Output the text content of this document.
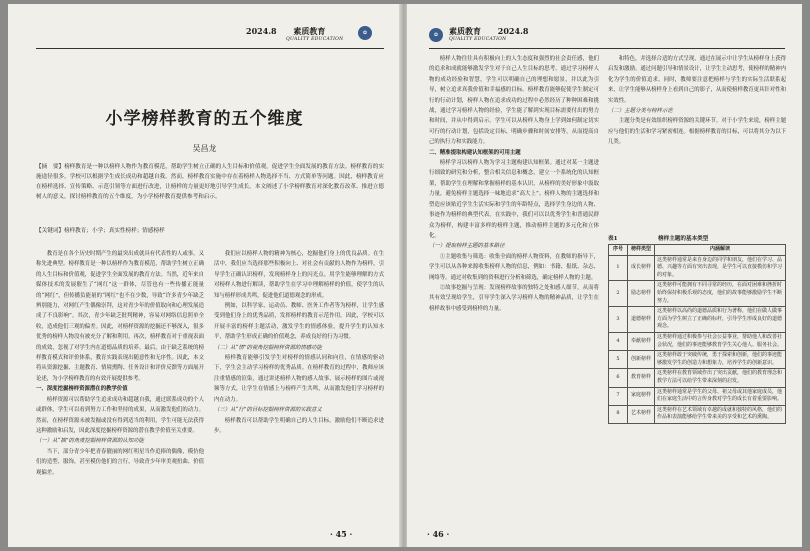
2024.8 素质教育
QUALITY EDUCATION
✿
小学榜样教育的五个维度
吴昌龙
【摘　要】榜样教育是一种以榜样人物作为教育模范，帮助学生树立正确的人生目标和价值观，促进学生全面发展的教育方法。榜样教育的实施途径很多，学校可以根据学生成长成功和超越自我。然而，榜样教育实施中存在着榜样人物选择不当、方式简单等问题。因此，榜样教育应在榜样选择、宣传策略、示范引领等方面进行改进，让榜样的力量更好地引导学生成长。本文阐述了小学榜样教育对深化教育改革、推进立德树人的意义，探讨榜样教育的五个维度，为小学榜样教育提供参考和启示。
【关键词】榜样教育；小学；真实性榜样；情感榜样

教育是在各个历史时期产生的最突出成就具有代表性的人或事，又称先进典型。榜样教育是一种以榜样作为教育模范，帮助学生树立正确的人生目标和价值观，促进学生全面发展的教育方法。当然，近年来自媒体技术的发展催生了“网红”这一群体，尽管也有一些传播正能量的“网红”，但传播负能量的“网红”也不在少数，导致“许多青少年缺乏辨别能力，对网红产生偶像崇拜，这对青少年的价值取向和心理发展造成了不良影响”。其次，青少年缺乏批判精神，容易对网络信息照单全收，造成他们三观的偏差。因此，对榜样资源的挖掘还不够深入，很多优秀的榜样人物没有被充分了解和利用。再次，榜样教育对于重视表面的成效，忽视了对学生内在道德品质的培养。最后，由于缺乏系统的榜样教育模式和评价体系，教育实践表现出随意性和无序性。因此，本文将从资源挖掘、主题教育、情境熏陶、任务设计和评价反馈等方面展开论述，为小学榜样教育的有效开展提供参考。

一、深度挖掘榜样资源潜在的教学价值

榜样资源可以帮助学生追求成功和超越自我，通过联系成功的个人或群体，学生可以看到努力工作和坚持的成果，从而激发他们的动力。然而，在榜样资源未被发掘或没有得到适当的利用，学生可能无法获得这种激励和启发，因此深度挖掘榜样资源的潜在教学价值至关重要。

（一）从“抽”的角度挖掘榜样资源的认知功能

当下，部分青少年把青春靓丽的网红明星当作追捧的偶像，模仿他们的造型、服饰，甚至模仿他们的言行，导致青少年审美观扭曲、价值观偏差。

我们应以榜样人物的精神为核心，挖掘他们身上的优良品质。在生活中，我们应当选择那些积极向上、对社会有贡献的人物作为榜样，引导学生正确认识榜样，发现榜样身上的闪光点。用学生能够理解的方式对榜样人物进行解读，帮助学生在学习中理解榜样的价值，使学生的认知与榜样形成共鸣，促进他们道德观念的形成。

例如，以科学家、运动员、教师、医务工作者等为榜样，让学生感受到他们身上的优秀品质，发挥榜样的教育示范作用。因此，学校可以开展丰富的榜样主题活动，激发学生的情感体验，提升学生的认知水平，帮助学生形成正确的价值观念，养成良好的行为习惯。

（二）从“情”的视角挖掘榜样资源的情感功能

榜样教育能够引发学生对榜样的情感认同和向往，在情感的驱动下，学生会主动学习榜样的优秀品质。在榜样教育的过程中，教师应该注重情感的渲染，通过讲述榜样人物的感人故事、展示榜样的图片或视频等方式，让学生在情感上与榜样产生共鸣，从而激发他们学习榜样的内在动力。

（三）从“行”的目标挖掘榜样资源的实践意义

榜样教育可以帮助学生明确自己的人生目标，激励他们不断追求进步。

· 45 ·
✿	素质教育 2024.8
QUALITY EDUCATION

榜样人物往往具有积极向上的人生态度和强烈的社会责任感，他们的追求和成就能够激发学生对于自己人生目标的思考。通过学习榜样人物的成功经验和智慧，学生可以明确自己的理想和愿景，并以此为引导，树立追求真我价值和幸福感的目标。榜样教育能够促使学生制定可行的行动计划，榜样人物在追求成功的过程中必然经历了种种困难和挑战，通过学习榜样人物的经验，学生能了解到实现目标需要付出的努力和时间，并从中得到启示。学生可以从榜样人物身上学到如何制定切实可行的行动计划，包括设定目标、明确步骤和时间安排等，从而提高自己的执行力和实践能力。

二、精准提取构建认知框架的可用主题

榜样学习以榜样人物为学习主题构建认知框架。通过对某一主题进行细致的研究和分析，整合相关信息和概念，建立一个系统化的认知框架，帮助学生在理解和掌握榜样的基本认识，从榜样的美好形象中汲取力量，避免榜样主题选择一味地追求“高大上”。榜样人物的主题选择和塑造应该贴近学生生活实际和学生的年龄特点，选择学生身边的人物、事迹作为榜样的典型代表。在实践中，我们可以以优秀学生和普通民群众为榜样，构建丰富多样的榜样主题，推动榜样主题的多元化和立体化。

（一）提取榜样主题的基本路径

①主题收集与筛选：收集全面的榜样人物资料，在教师的指导下，学生可以从各种来源收集榜样人物的信息，例如：书籍、报纸、杂志、网络等。通过对收集到的资料进行分析和筛选，确定榜样人物的主题。

②故事挖掘与呈现：发现榜样故事的独特之处和感人细节，从而将其有效呈现给学生，引导学生深入学习榜样人物的精神品质，让学生在榜样故事中感受到榜样的力量。

和特色，并选择合适的方式呈现，通过在展示中让学生从榜样身上获得启发和激励。通过问题引导和情景设计，让学生主动思考，使榜样的精神内化为学生的价值追求。同时，教师要注意把榜样与学生的实际生活联系起来，让学生能够从榜样身上看到自己的影子，从而使榜样教育更具针对性和实效性。

（二）主题分类与榜样示范

主题分类是有效组织榜样资源的关键环节。对于小学生来说，榜样主题应与他们的生活和学习紧密相连。根据榜样教育的目标，可以将其分为以下几类。

表1	榜样主题的基本类型
序号	榜样类型	内涵解读
1	成长榜样	这类榜样通常是来自身边的同学和朋友，他们在学习、品德、兴趣等方面有突出表现，是学生可以直接模仿和学习的对象。
2	励志榜样	这类榜样可能拥有不同寻常的经历，在面对困难和挫折时始终保持积极乐观的态度，他们的故事能够激励学生不断努力。
3	道德榜样	这类榜样以高尚的道德品质和行为著称，他们在做人做事方面为学生树立了正确的标杆，引导学生形成良好的道德观念。
4	奉献榜样	这类榜样通过积极参与社会公益事业，帮助他人和改善社会状况，他们的事迹能够教育学生关心他人、服务社会。
5	创新榜样	这类榜样敢于突破传统，勇于探索和创新，他们的事迹能够激发学生的创造力和想象力，培养学生的创新意识。
6	教育榜样	这类榜样在教育领域作出了突出贡献，他们的教育理念和教学方法可以给学生带来深刻的启发。
7	家庭榜样	这类榜样通常是学生的父母、祖父母或其他家庭成员，他们在家庭生活中的言传身教对学生的成长有着重要影响。
8	艺术榜样	这类榜样在艺术领域有卓越的成就和独特的风格，他们的作品和表演能够给学生带来美的享受和艺术的熏陶。
· 46 ·
